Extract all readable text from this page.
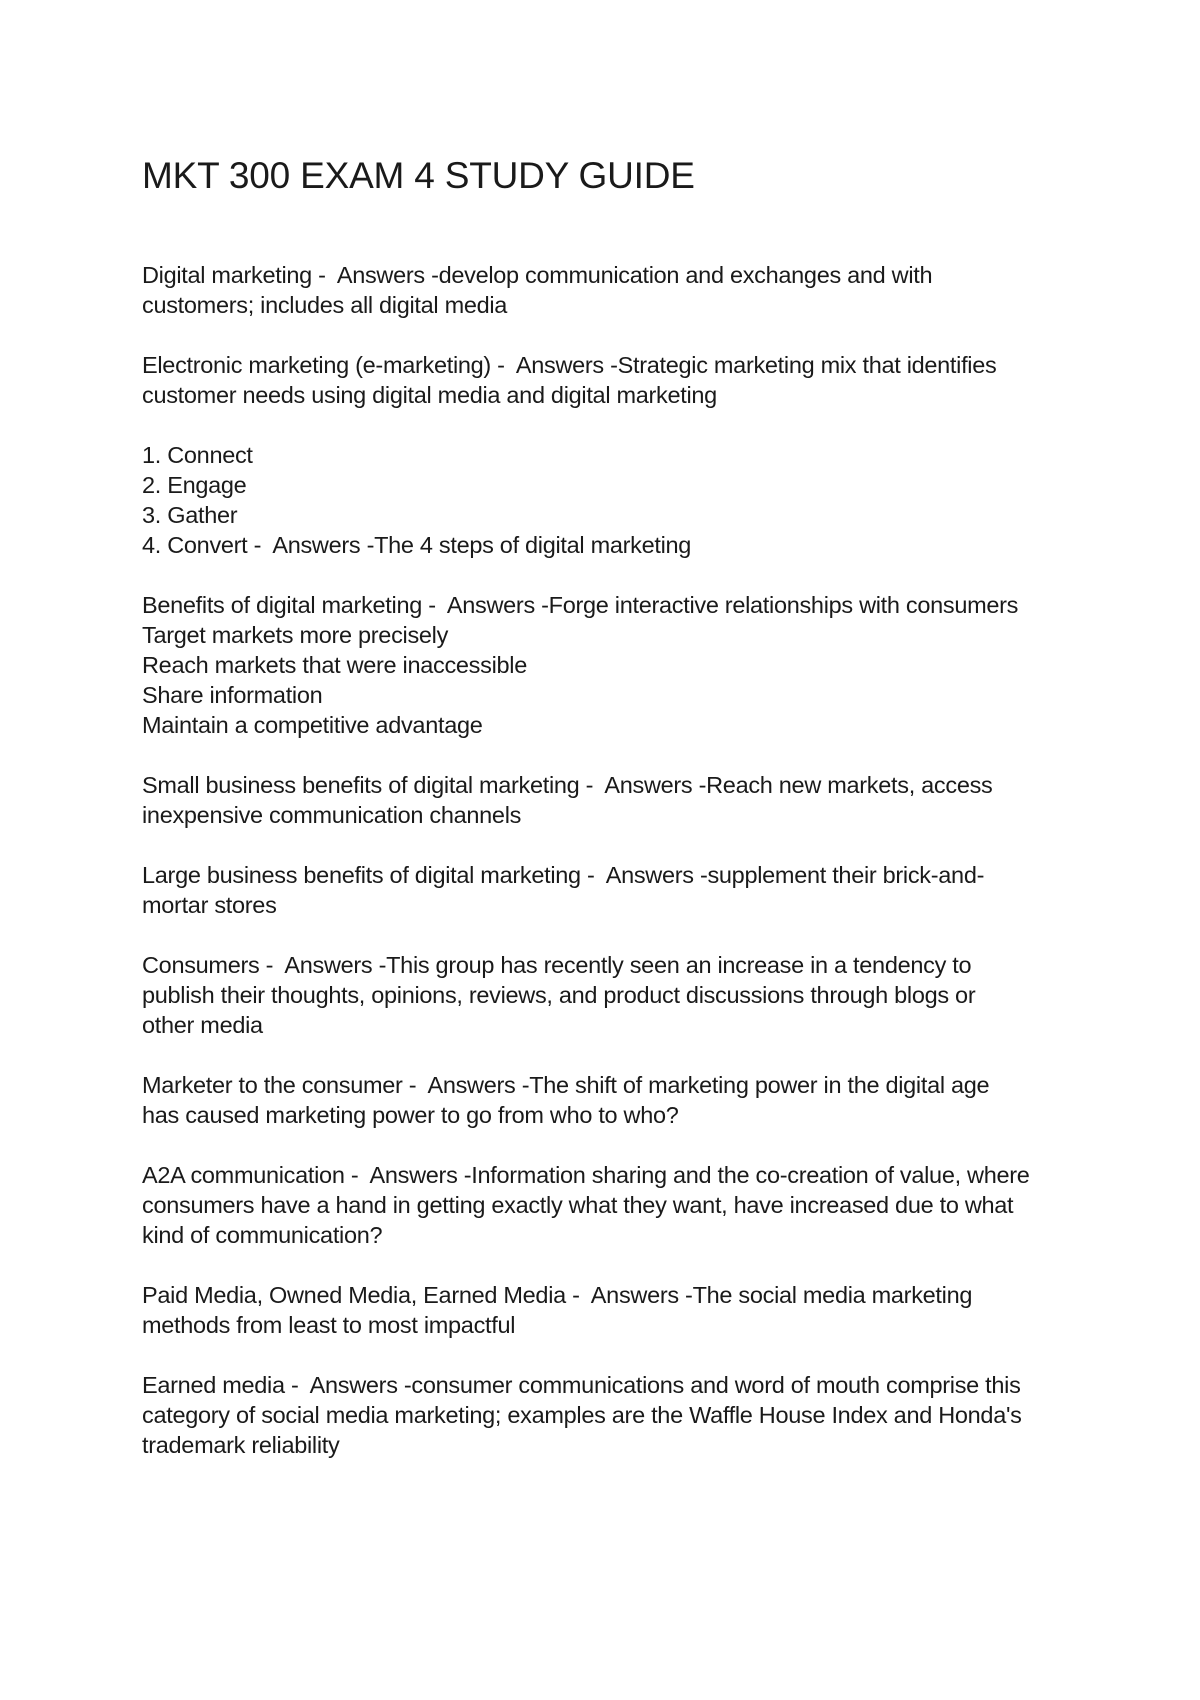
MKT 300 EXAM 4 STUDY GUIDE
Digital marketing -  Answers -develop communication and exchanges and with
customers; includes all digital media
Electronic marketing (e-marketing) -  Answers -Strategic marketing mix that identifies
customer needs using digital media and digital marketing
1. Connect
2. Engage
3. Gather
4. Convert -  Answers -The 4 steps of digital marketing
Benefits of digital marketing -  Answers -Forge interactive relationships with consumers
Target markets more precisely
Reach markets that were inaccessible
Share information
Maintain a competitive advantage
Small business benefits of digital marketing -  Answers -Reach new markets, access
inexpensive communication channels
Large business benefits of digital marketing -  Answers -supplement their brick-and-
mortar stores
Consumers -  Answers -This group has recently seen an increase in a tendency to
publish their thoughts, opinions, reviews, and product discussions through blogs or
other media
Marketer to the consumer -  Answers -The shift of marketing power in the digital age
has caused marketing power to go from who to who?
A2A communication -  Answers -Information sharing and the co-creation of value, where
consumers have a hand in getting exactly what they want, have increased due to what
kind of communication?
Paid Media, Owned Media, Earned Media -  Answers -The social media marketing
methods from least to most impactful
Earned media -  Answers -consumer communications and word of mouth comprise this
category of social media marketing; examples are the Waffle House Index and Honda's
trademark reliability
